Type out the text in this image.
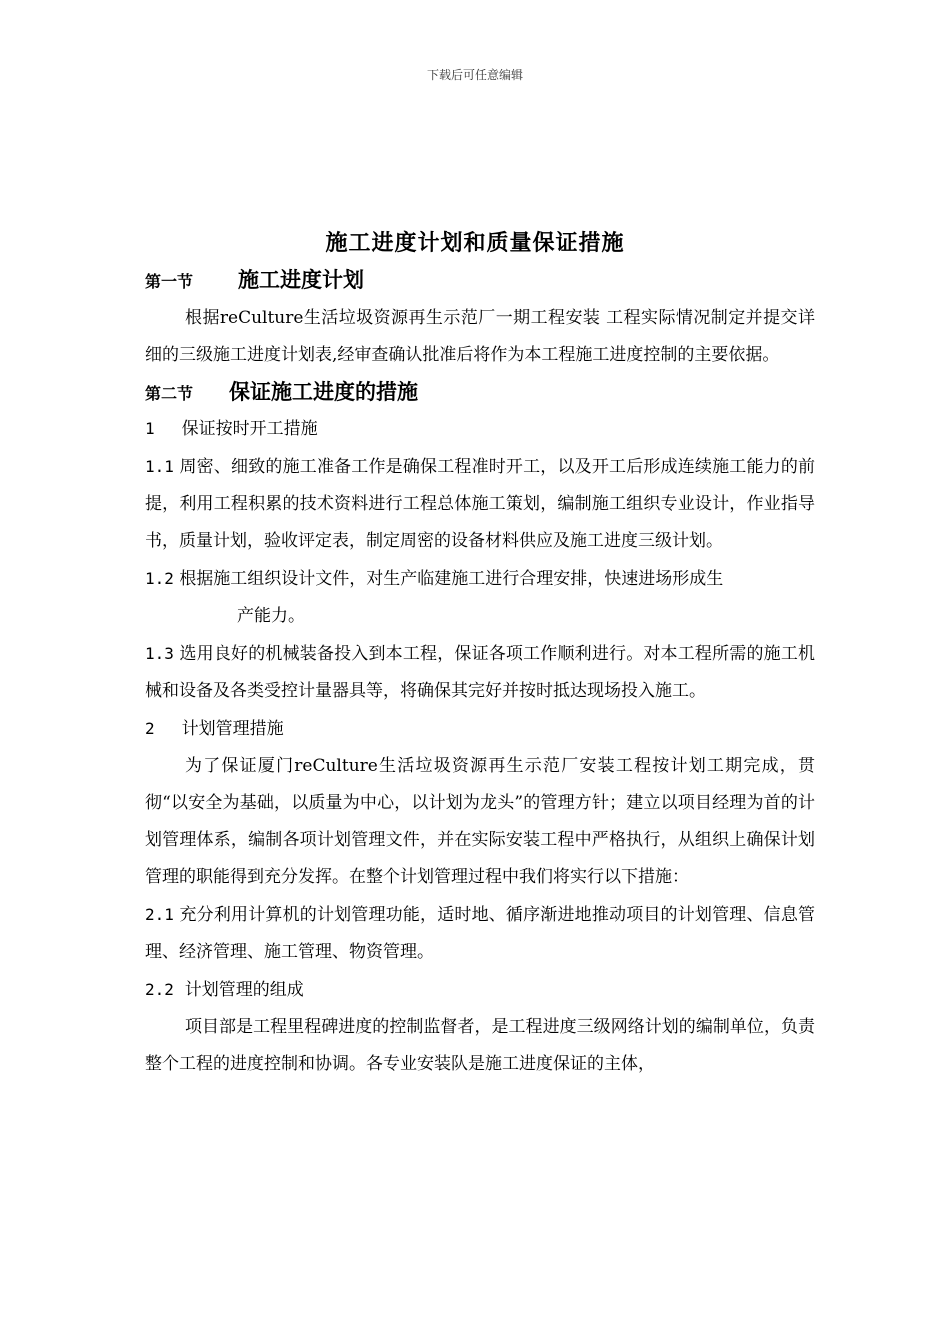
下载后可任意编辑
施工进度计划和质量保证措施
第一节 施工进度计划

根据reCulture生活垃圾资源再生示范厂一期工程安装 工程实际情况制定并提交详细的三级施工进度计划表,经审查确认批准后将作为本工程施工进度控制的主要依据。

第二节 保证施工进度的措施

1 保证按时开工措施

1.1 周密、细致的施工准备工作是确保工程准时开工，以及开工后形成连续施工能力的前提，利用工程积累的技术资料进行工程总体施工策划，编制施工组织专业设计，作业指导书，质量计划，验收评定表，制定周密的设备材料供应及施工进度三级计划。

1.2 根据施工组织设计文件，对生产临建施工进行合理安排，快速进场形成生
产能力。

1.3 选用良好的机械装备投入到本工程，保证各项工作顺利进行。对本工程所需的施工机械和设备及各类受控计量器具等，将确保其完好并按时抵达现场投入施工。

2 计划管理措施

为了保证厦门reCulture生活垃圾资源再生示范厂安装工程按计划工期完成，贯彻“以安全为基础，以质量为中心，以计划为龙头”的管理方针；建立以项目经理为首的计划管理体系，编制各项计划管理文件，并在实际安装工程中严格执行，从组织上确保计划管理的职能得到充分发挥。在整个计划管理过程中我们将实行以下措施：

2.1 充分利用计算机的计划管理功能，适时地、循序渐进地推动项目的计划管理、信息管理、经济管理、施工管理、物资管理。

2.2 计划管理的组成

项目部是工程里程碑进度的控制监督者，是工程进度三级网络计划的编制单位，负责整个工程的进度控制和协调。各专业安装队是施工进度保证的主体，
